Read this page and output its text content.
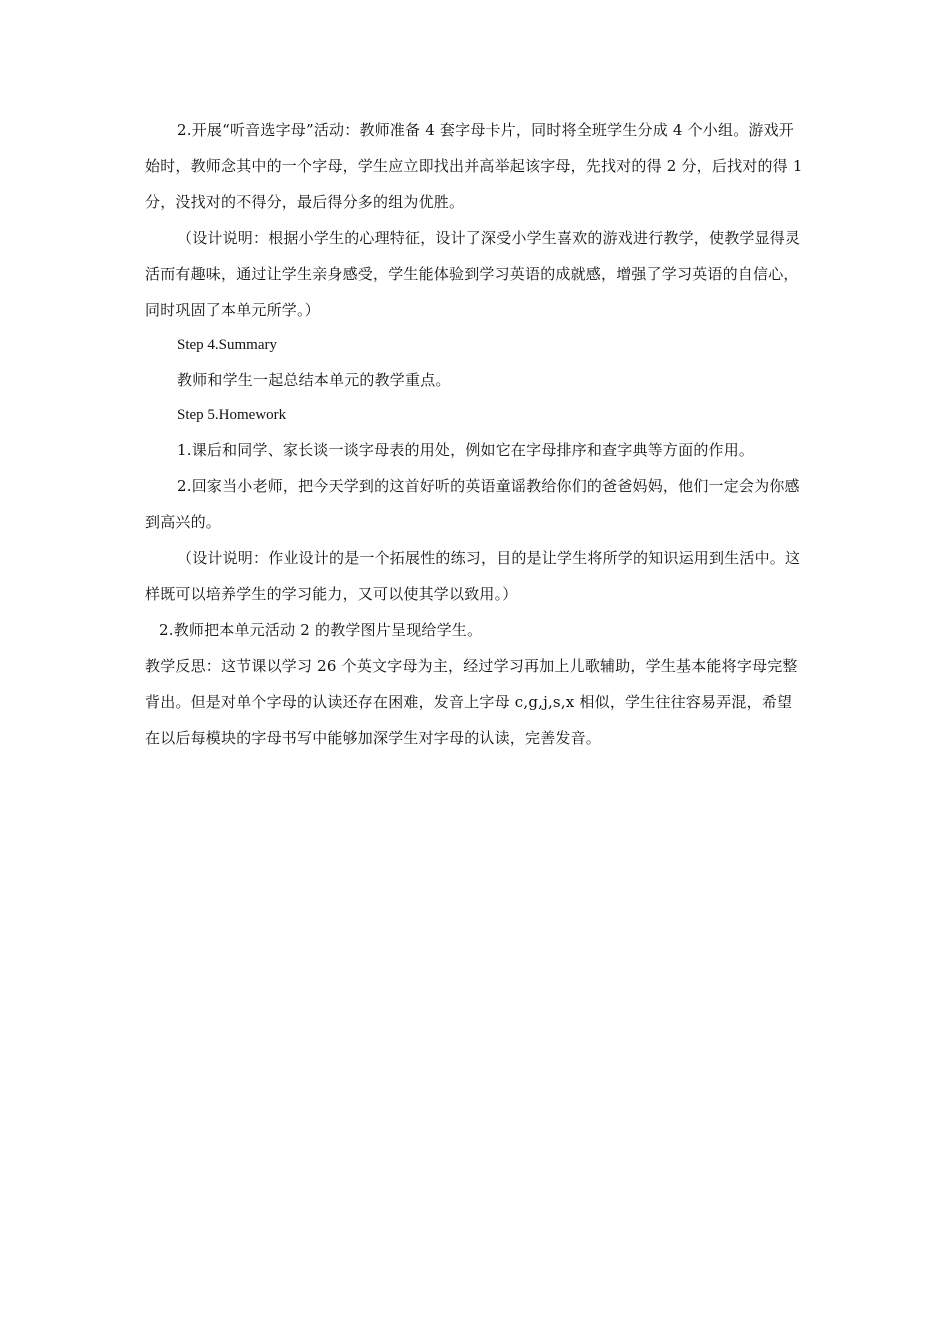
2.开展“听音选字母”活动：教师准备 4 套字母卡片，同时将全班学生分成 4 个小组。游戏开始时，教师念其中的一个字母，学生应立即找出并高举起该字母，先找对的得 2 分，后找对的得 1 分，没找对的不得分，最后得分多的组为优胜。

（设计说明：根据小学生的心理特征，设计了深受小学生喜欢的游戏进行教学，使教学显得灵活而有趣味，通过让学生亲身感受，学生能体验到学习英语的成就感，增强了学习英语的自信心，同时巩固了本单元所学。）

Step 4.Summary

教师和学生一起总结本单元的教学重点。

Step 5.Homework

1.课后和同学、家长谈一谈字母表的用处，例如它在字母排序和查字典等方面的作用。

2.回家当小老师，把今天学到的这首好听的英语童谣教给你们的爸爸妈妈，他们一定会为你感到高兴的。

（设计说明：作业设计的是一个拓展性的练习，目的是让学生将所学的知识运用到生活中。这样既可以培养学生的学习能力，又可以使其学以致用。）

2.教师把本单元活动 2 的教学图片呈现给学生。

教学反思：这节课以学习 26 个英文字母为主，经过学习再加上儿歌辅助，学生基本能将字母完整背出。但是对单个字母的认读还存在困难，发音上字母 c,g,j,s,x 相似，学生往往容易弄混，希望在以后每模块的字母书写中能够加深学生对字母的认读，完善发音。
